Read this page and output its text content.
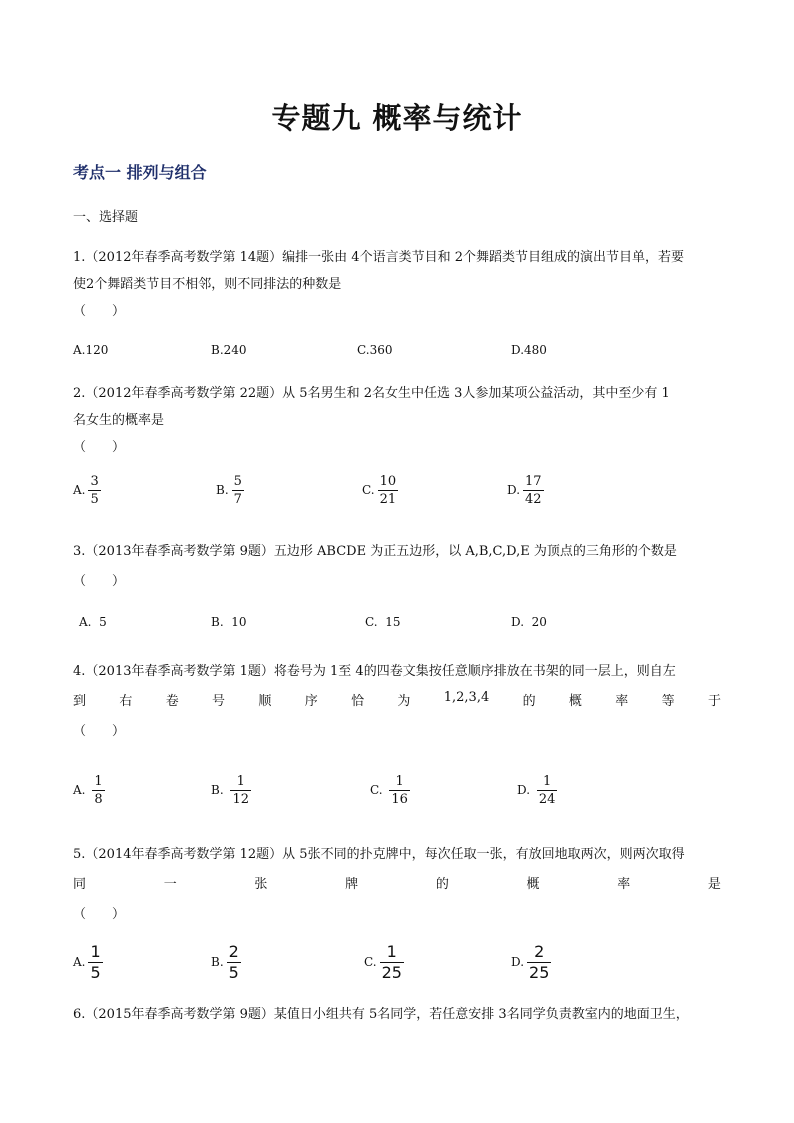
专题九 概率与统计
考点一 排列与组合
一、选择题
1.（2012年春季高考数学第 14题）编排一张由 4个语言类节目和 2个舞蹈类节目组成的演出节目单，若要
使2个舞蹈类节目不相邻，则不同排法的种数是
（　　）
A. 120	B. 240	C. 360	D. 480
2.（2012年春季高考数学第 22题）从 5名男生和 2名女生中任选 3人参加某项公益活动，其中至少有 1
名女生的概率是
（　　）
A. $\frac{3}{5}$	B. $\frac{5}{7}$	C. $\frac{10}{21}$	D. $\frac{17}{42}$
3.（2013年春季高考数学第 9题）五边形 ABCDE 为正五边形，以 A,B,C,D,E 为顶点的三角形的个数是
（　　）
A.
5	B.
10	C.
15	D.
20
4.（2013年春季高考数学第 1题）将卷号为 1至 4的四卷文集按任意顺序排放在书架的同一层上，则自左
到	右	卷	号	顺	序	恰	为	1,2,3,4	的	概	率	等	于
（　　）
A.
$\frac{1}{8}$	B.
$\frac{1}{12}$	C.
$\frac{1}{16}$	D.
$\frac{1}{24}$
5.（2014年春季高考数学第 12题）从 5张不同的扑克牌中，每次任取一张，有放回地取两次，则两次取得
同	一	张	牌	的	概	率	是
（　　）
A. $\frac{1}{5}$	B. $\frac{2}{5}$	C. $\frac{1}{25}$	D. $\frac{2}{25}$
6.（2015年春季高考数学第 9题）某值日小组共有 5名同学，若任意安排 3名同学负责教室内的地面卫生，
